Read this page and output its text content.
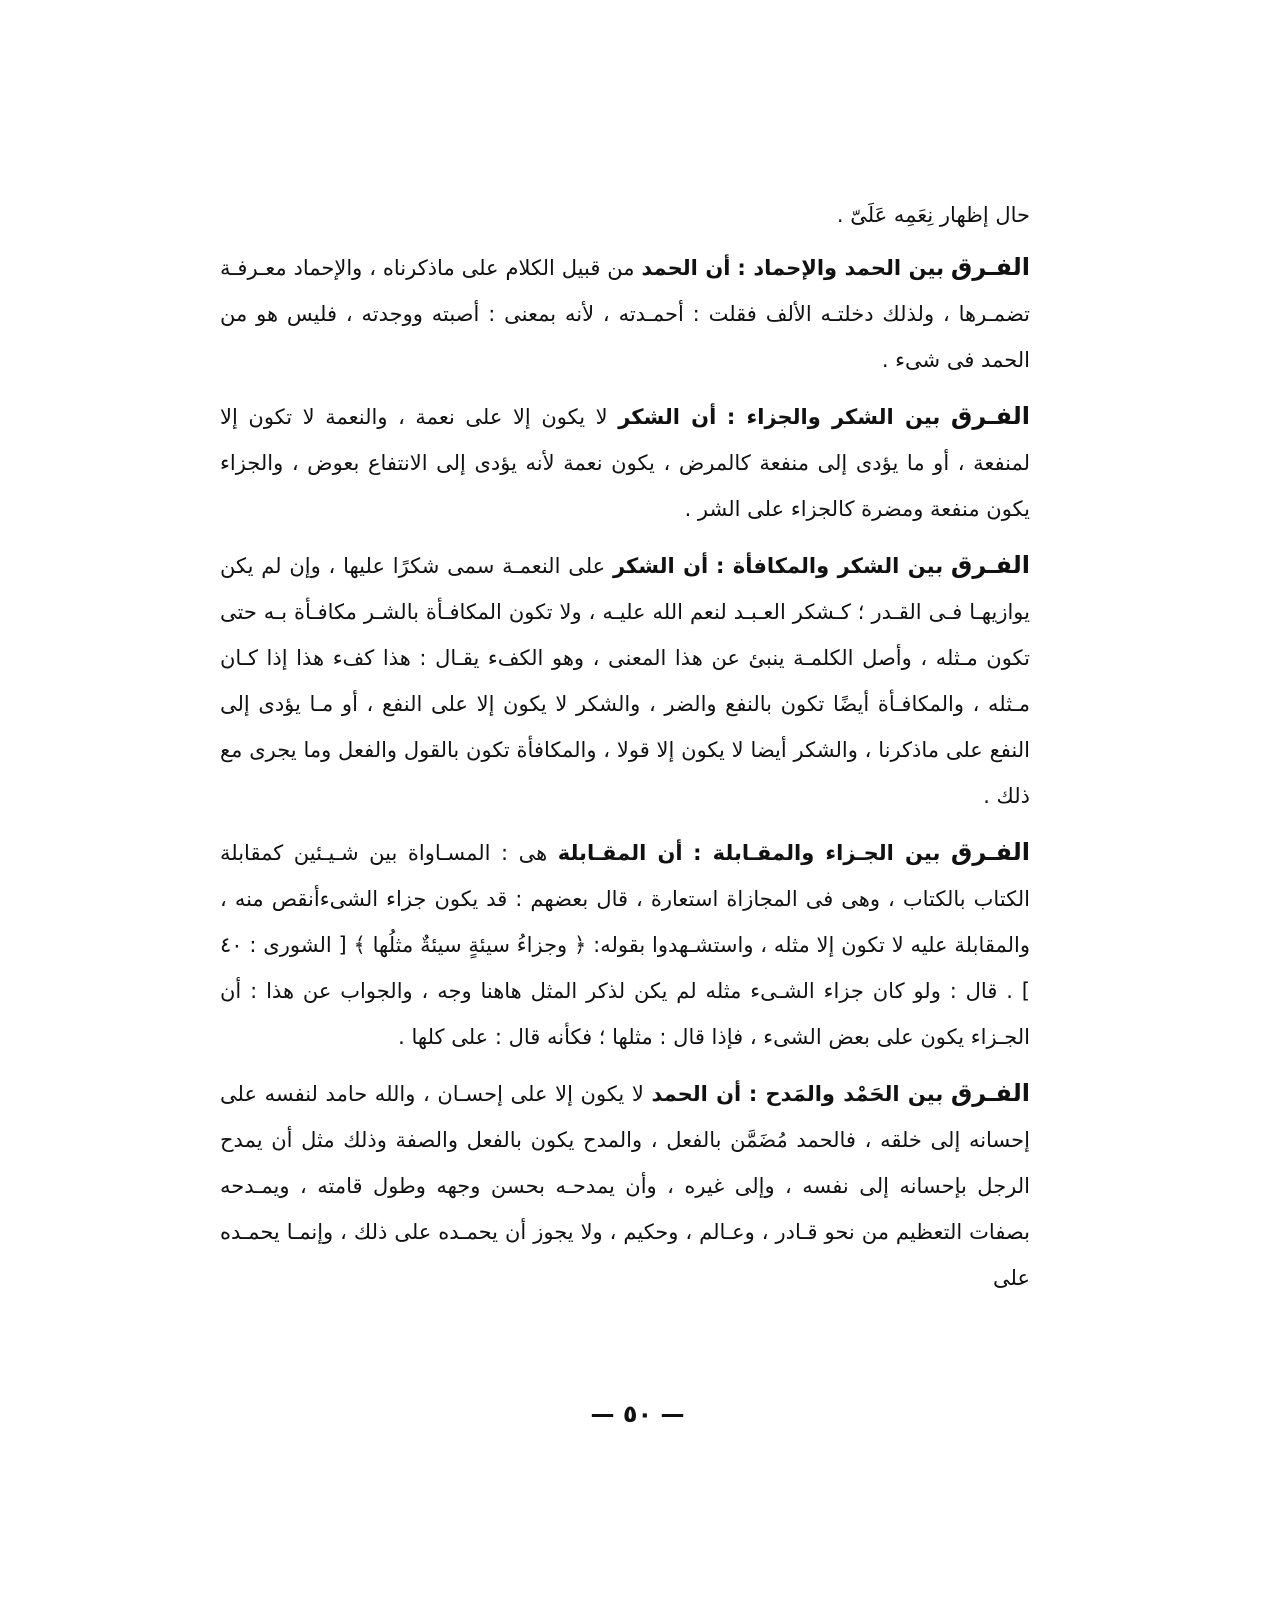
حال إظهار نِعَمِه عَلَىّ .

الفـرق بين الحمد والإحماد : أن الحمد من قبيل الكلام على ماذكرناه ، والإحماد معـرفـة تضمـرها ، ولذلك دخلتـه الألف فقلت : أحمـدته ، لأنه بمعنى : أصبته ووجدته ، فليس هو من الحمد فى شىء .

الفـرق بين الشكر والجزاء : أن الشكر لا يكون إلا على نعمة ، والنعمة لا تكون إلا لمنفعة ، أو ما يؤدى إلى منفعة كالمرض ، يكون نعمة لأنه يؤدى إلى الانتفاع بعوض ، والجزاء يكون منفعة ومضرة كالجزاء على الشر .

الفـرق بين الشكر والمكافأة : أن الشكر على النعمـة سمى شكرًا عليها ، وإن لم يكن يوازيهـا فـى القـدر ؛ كـشكر العـبـد لنعم الله عليـه ، ولا تكون المكافـأة بالشـر مكافـأة بـه حتى تكون مـثله ، وأصل الكلمـة ينبئ عن هذا المعنى ، وهو الكفء يقـال : هذا كفء هذا إذا كـان مـثله ، والمكافـأة أيضًا تكون بالنفع والضر ، والشكر لا يكون إلا على النفع ، أو مـا يؤدى إلى النفع على ماذكرنا ، والشكر أيضا لا يكون إلا قولا ، والمكافأة تكون بالقول والفعل وما يجرى مع ذلك .

الفـرق بين الجـزاء والمقـابلة : أن المقـابلة هى : المسـاواة بين شـيـئين كمقابلة الكتاب بالكتاب ، وهى فى المجازاة استعارة ، قال بعضهم : قد يكون جزاء الشىءأنقص منه ، والمقابلة عليه لا تكون إلا مثله ، واستشـهدوا بقوله: ﴿ وجزاءُ سيئةٍ سيئةٌ مثلُها ﴾ [ الشورى : ٤٠ ] . قال : ولو كان جزاء الشـىء مثله لم يكن لذكر المثل هاهنا وجه ، والجواب عن هذا : أن الجـزاء يكون على بعض الشىء ، فإذا قال : مثلها ؛ فكأنه قال : على كلها .

الفـرق بين الحَمْد والمَدح : أن الحمد لا يكون إلا على إحسـان ، والله حامد لنفسه على إحسانه إلى خلقه ، فالحمد مُضَمَّن بالفعل ، والمدح يكون بالفعل والصفة وذلك مثل أن يمدح الرجل بإحسانه إلى نفسه ، وإلى غيره ، وأن يمدحـه بحسن وجهه وطول قامته ، ويمـدحه بصفات التعظيم من نحو قـادر ، وعـالم ، وحكيم ، ولا يجوز أن يحمـده على ذلك ، وإنمـا يحمـده على

— ٥٠ —
